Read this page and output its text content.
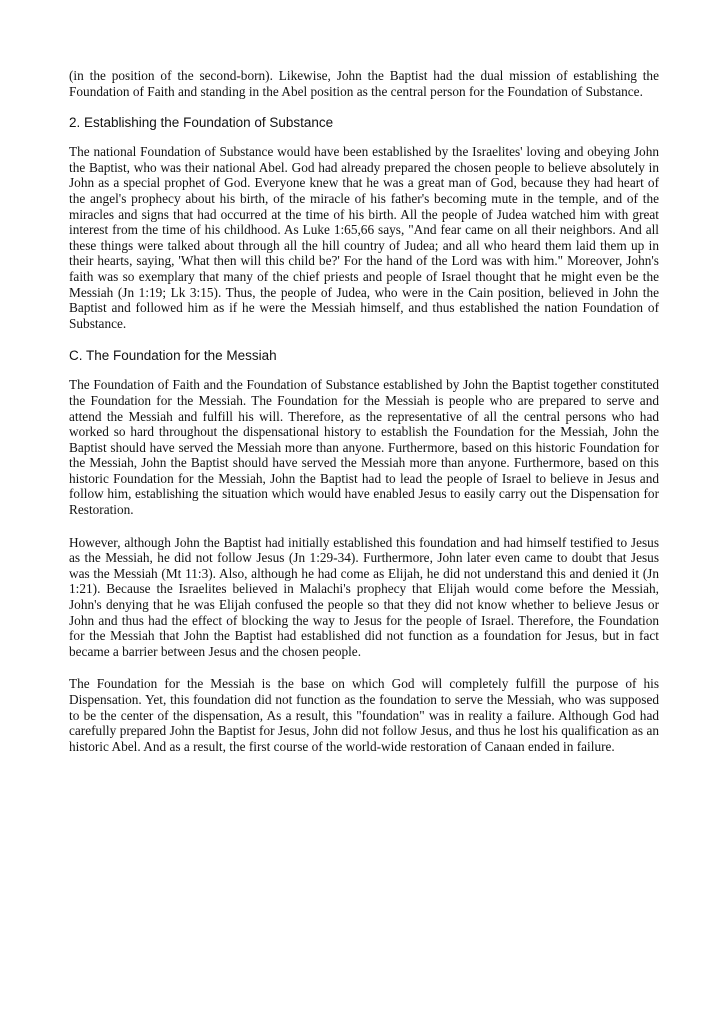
(in the position of the second-born). Likewise, John the Baptist had the dual mission of establishing the Foundation of Faith and standing in the Abel position as the central person for the Foundation of Substance.

2. Establishing the Foundation of Substance

The national Foundation of Substance would have been established by the Israelites' loving and obeying John the Baptist, who was their national Abel. God had already prepared the chosen people to believe absolutely in John as a special prophet of God. Everyone knew that he was a great man of God, because they had heart of the angel's prophecy about his birth, of the miracle of his father's becoming mute in the temple, and of the miracles and signs that had occurred at the time of his birth. All the people of Judea watched him with great interest from the time of his childhood. As Luke 1:65,66 says, "And fear came on all their neighbors. And all these things were talked about through all the hill country of Judea; and all who heard them laid them up in their hearts, saying, 'What then will this child be?' For the hand of the Lord was with him." Moreover, John's faith was so exemplary that many of the chief priests and people of Israel thought that he might even be the Messiah (Jn 1:19; Lk 3:15). Thus, the people of Judea, who were in the Cain position, believed in John the Baptist and followed him as if he were the Messiah himself, and thus established the nation Foundation of Substance.

C. The Foundation for the Messiah

The Foundation of Faith and the Foundation of Substance established by John the Baptist together constituted the Foundation for the Messiah. The Foundation for the Messiah is people who are prepared to serve and attend the Messiah and fulfill his will. Therefore, as the representative of all the central persons who had worked so hard throughout the dispensational history to establish the Foundation for the Messiah, John the Baptist should have served the Messiah more than anyone. Furthermore, based on this historic Foundation for the Messiah, John the Baptist should have served the Messiah more than anyone. Furthermore, based on this historic Foundation for the Messiah, John the Baptist had to lead the people of Israel to believe in Jesus and follow him, establishing the situation which would have enabled Jesus to easily carry out the Dispensation for Restoration.

However, although John the Baptist had initially established this foundation and had himself testified to Jesus as the Messiah, he did not follow Jesus (Jn 1:29-34). Furthermore, John later even came to doubt that Jesus was the Messiah (Mt 11:3). Also, although he had come as Elijah, he did not understand this and denied it (Jn 1:21). Because the Israelites believed in Malachi's prophecy that Elijah would come before the Messiah, John's denying that he was Elijah confused the people so that they did not know whether to believe Jesus or John and thus had the effect of blocking the way to Jesus for the people of Israel. Therefore, the Foundation for the Messiah that John the Baptist had established did not function as a foundation for Jesus, but in fact became a barrier between Jesus and the chosen people.

The Foundation for the Messiah is the base on which God will completely fulfill the purpose of his Dispensation. Yet, this foundation did not function as the foundation to serve the Messiah, who was supposed to be the center of the dispensation, As a result, this "foundation" was in reality a failure. Although God had carefully prepared John the Baptist for Jesus, John did not follow Jesus, and thus he lost his qualification as an historic Abel. And as a result, the first course of the world-wide restoration of Canaan ended in failure.
